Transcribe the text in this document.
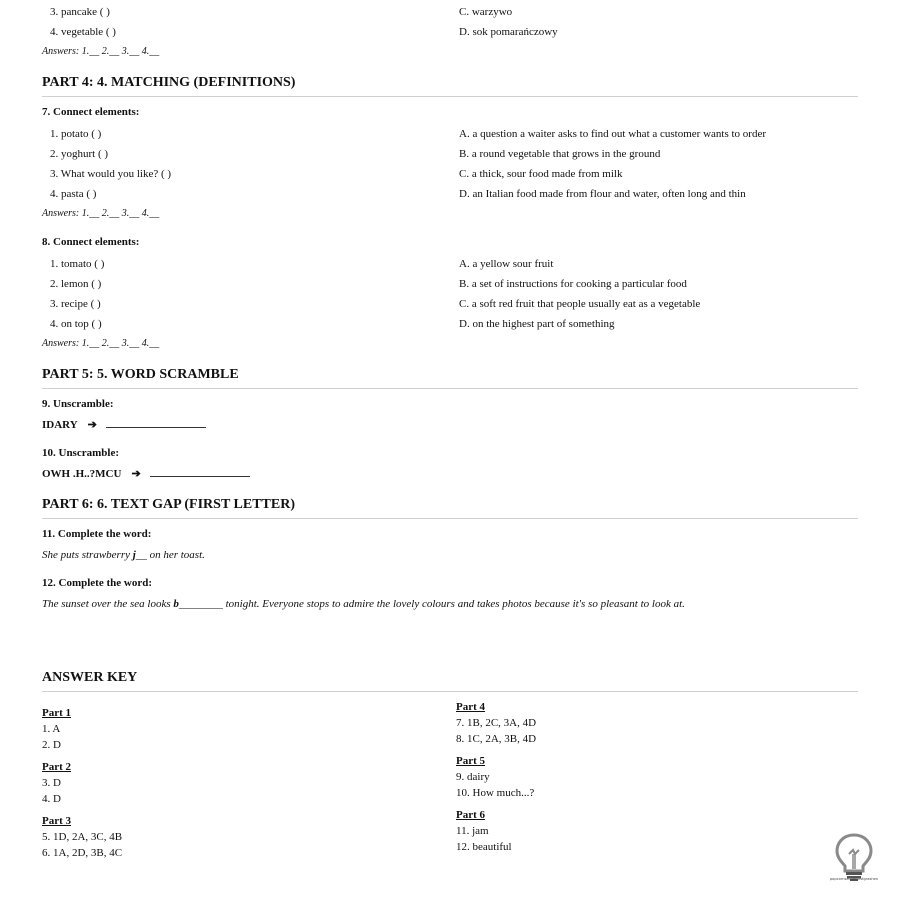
3. pancake ( )	C. warzywo
4. vegetable ( )	D. sok pomarańczowy
Answers: 1.__ 2.__ 3.__ 4.__
PART 4: 4. MATCHING (DEFINITIONS)
7. Connect elements:
1. potato ( )	A. a question a waiter asks to find out what a customer wants to order
2. yoghurt ( )	B. a round vegetable that grows in the ground
3. What would you like? ( )	C. a thick, sour food made from milk
4. pasta ( )	D. an Italian food made from flour and water, often long and thin
Answers: 1.__ 2.__ 3.__ 4.__
8. Connect elements:
1. tomato ( )	A. a yellow sour fruit
2. lemon ( )	B. a set of instructions for cooking a particular food
3. recipe ( )	C. a soft red fruit that people usually eat as a vegetable
4. on top ( )	D. on the highest part of something
Answers: 1.__ 2.__ 3.__ 4.__
PART 5: 5. WORD SCRAMBLE
9. Unscramble:
IDARY ➔
10. Unscramble:
OWH .H..?MCU ➔
PART 6: 6. TEXT GAP (FIRST LETTER)
11. Complete the word:
She puts strawberry j__ on her toast.
12. Complete the word:
The sunset over the sea looks b________ tonight. Everyone stops to admire the lovely colours and takes photos because it's so pleasant to look at.
ANSWER KEY
Part 1
1. A
2. D
Part 2
3. D
4. D
Part 3
5. 1D, 2A, 3C, 4B
6. 1A, 2D, 3B, 4C
Part 4
7. 1B, 2C, 3A, 4D
8. 1C, 2A, 3B, 4D
Part 5
9. dairy
10. How much...?
Part 6
11. jam
12. beautiful
popcornsangelslistgrashen
